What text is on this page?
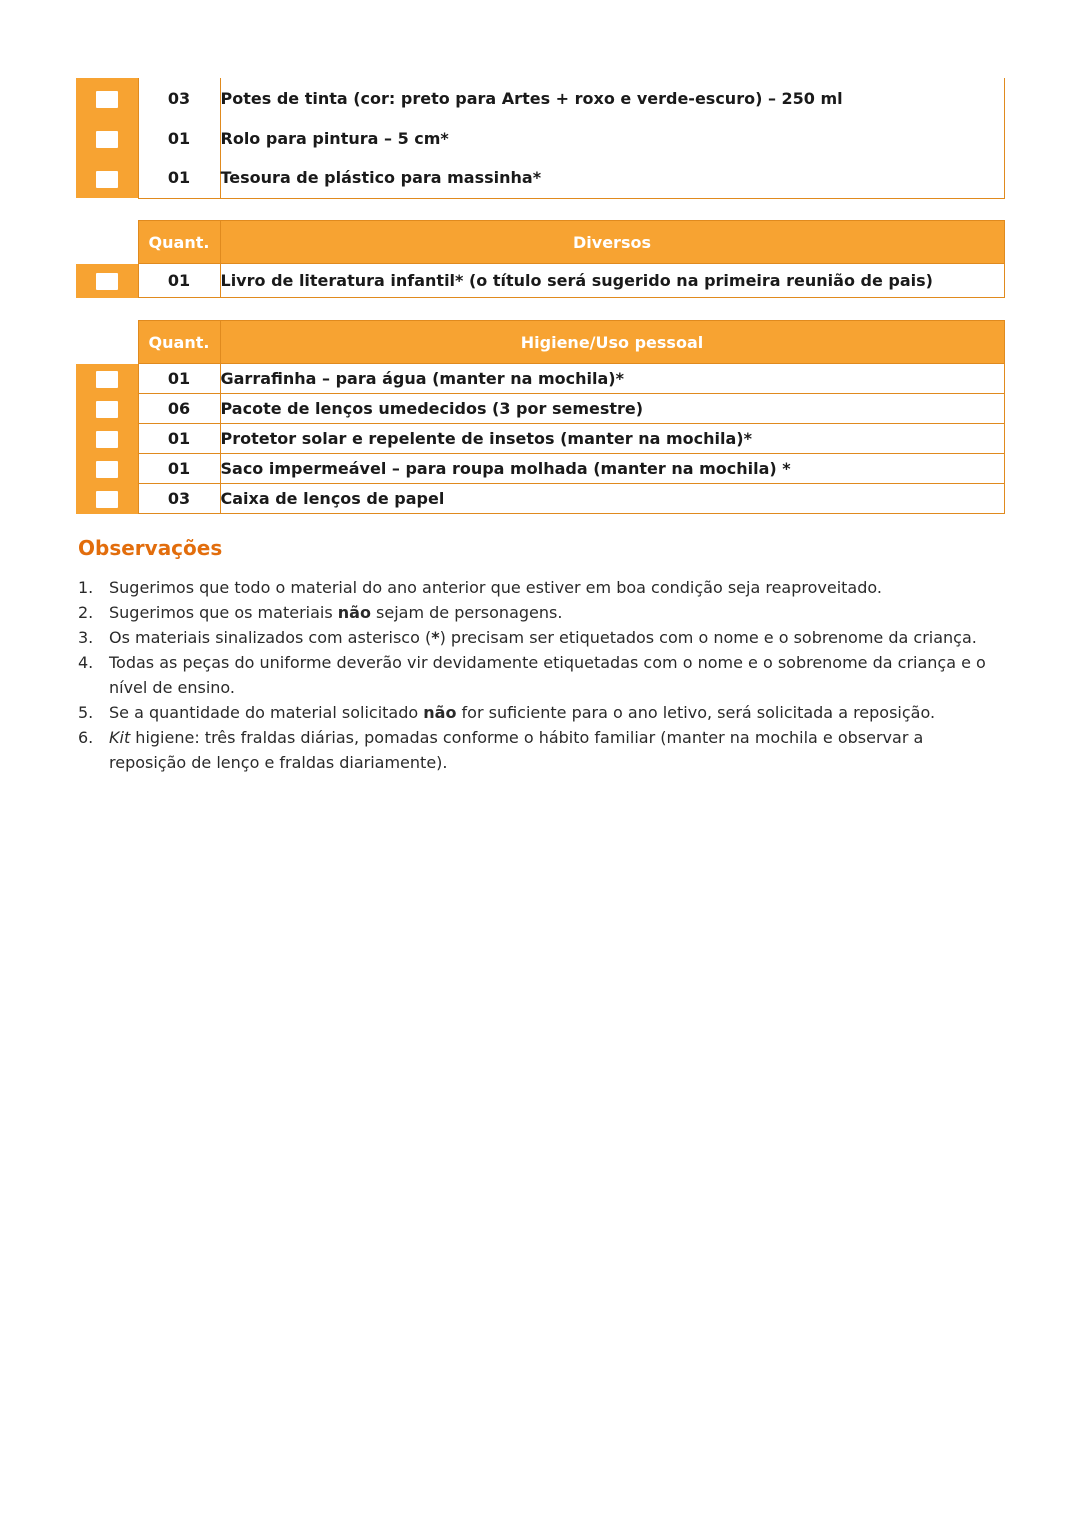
	03	Potes de tinta (cor: preto para Artes + roxo e verde-escuro) – 250 ml
	01	Rolo para pintura – 5 cm*
	01	Tesoura de plástico para massinha*
	Quant.	Diversos
	01	Livro de literatura infantil* (o título será sugerido na primeira reunião de pais)
	Quant.	Higiene/Uso pessoal
	01	Garrafinha – para água (manter na mochila)*
	06	Pacote de lenços umedecidos (3 por semestre)
	01	Protetor solar e repelente de insetos (manter na mochila)*
	01	Saco impermeável – para roupa molhada (manter na mochila) *
	03	Caixa de lenços de papel
Observações
1. Sugerimos que todo o material do ano anterior que estiver em boa condição seja reaproveitado.
2. Sugerimos que os materiais não sejam de personagens.
3. Os materiais sinalizados com asterisco (*) precisam ser etiquetados com o nome e o sobrenome da criança.
4. Todas as peças do uniforme deverão vir devidamente etiquetadas com o nome e o sobrenome da criança e o nível de ensino.
5. Se a quantidade do material solicitado não for suficiente para o ano letivo, será solicitada a reposição.
6. Kit higiene: três fraldas diárias, pomadas conforme o hábito familiar (manter na mochila e observar a reposição de lenço e fraldas diariamente).
